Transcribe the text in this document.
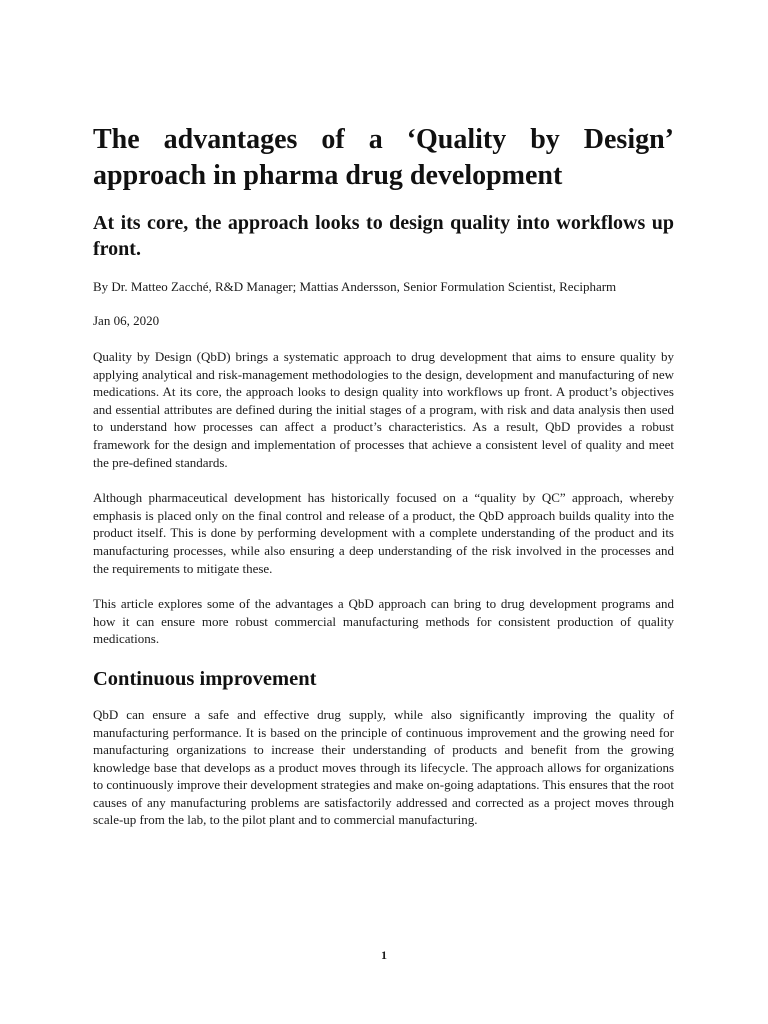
The advantages of a ‘Quality by Design’ approach in pharma drug development
At its core, the approach looks to design quality into workflows up front.

By Dr. Matteo Zacché, R&D Manager; Mattias Andersson, Senior Formulation Scientist, Recipharm

Jan 06, 2020

Quality by Design (QbD) brings a systematic approach to drug development that aims to ensure quality by applying analytical and risk-management methodologies to the design, development and manufacturing of new medications. At its core, the approach looks to design quality into workflows up front. A product’s objectives and essential attributes are defined during the initial stages of a program, with risk and data analysis then used to understand how processes can affect a product’s characteristics. As a result, QbD provides a robust framework for the design and implementation of processes that achieve a consistent level of quality and meet the pre-defined standards.

Although pharmaceutical development has historically focused on a “quality by QC” approach, whereby emphasis is placed only on the final control and release of a product, the QbD approach builds quality into the product itself. This is done by performing development with a complete understanding of the product and its manufacturing processes, while also ensuring a deep understanding of the risk involved in the processes and the requirements to mitigate these.

This article explores some of the advantages a QbD approach can bring to drug development programs and how it can ensure more robust commercial manufacturing methods for consistent production of quality medications.

Continuous improvement

QbD can ensure a safe and effective drug supply, while also significantly improving the quality of manufacturing performance. It is based on the principle of continuous improvement and the growing need for manufacturing organizations to increase their understanding of products and benefit from the growing knowledge base that develops as a product moves through its lifecycle. The approach allows for organizations to continuously improve their development strategies and make on-going adaptations. This ensures that the root causes of any manufacturing problems are satisfactorily addressed and corrected as a project moves through scale-up from the lab, to the pilot plant and to commercial manufacturing.

1
